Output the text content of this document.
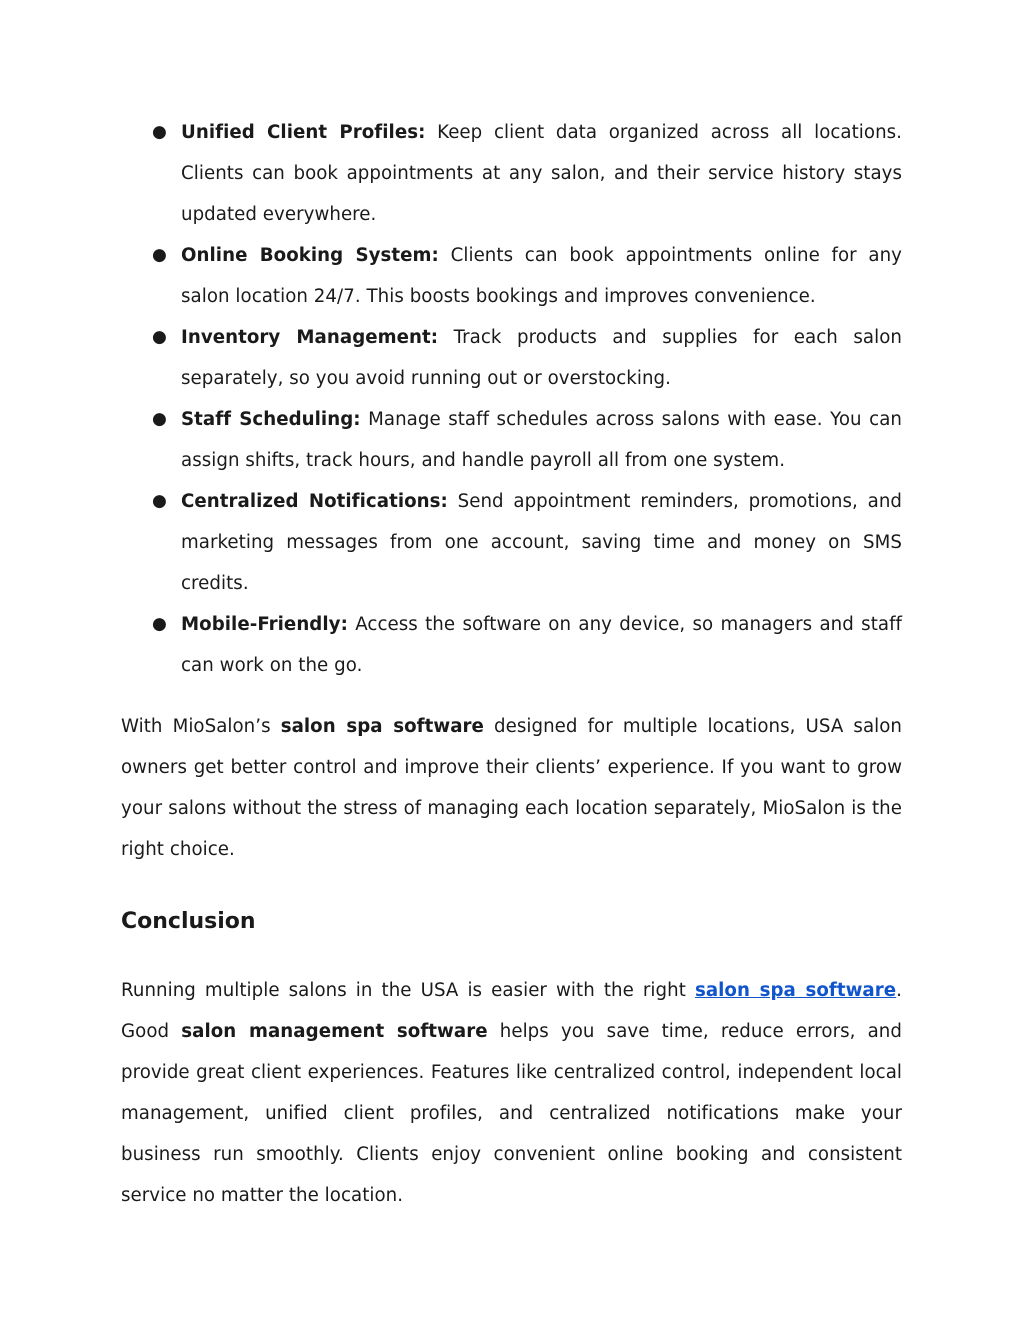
● Unified Client Profiles: Keep client data organized across all locations. Clients can book appointments at any salon, and their service history stays updated everywhere.
● Online Booking System: Clients can book appointments online for any salon location 24/7. This boosts bookings and improves convenience.
● Inventory Management: Track products and supplies for each salon separately, so you avoid running out or overstocking.
● Staff Scheduling: Manage staff schedules across salons with ease. You can assign shifts, track hours, and handle payroll all from one system.
● Centralized Notifications: Send appointment reminders, promotions, and marketing messages from one account, saving time and money on SMS credits.
● Mobile-Friendly: Access the software on any device, so managers and staff can work on the go.

With MioSalon’s salon spa software designed for multiple locations, USA salon owners get better control and improve their clients’ experience. If you want to grow your salons without the stress of managing each location separately, MioSalon is the right choice.

Conclusion

Running multiple salons in the USA is easier with the right salon spa software. Good salon management software helps you save time, reduce errors, and provide great client experiences. Features like centralized control, independent local management, unified client profiles, and centralized notifications make your business run smoothly. Clients enjoy convenient online booking and consistent service no matter the location.
